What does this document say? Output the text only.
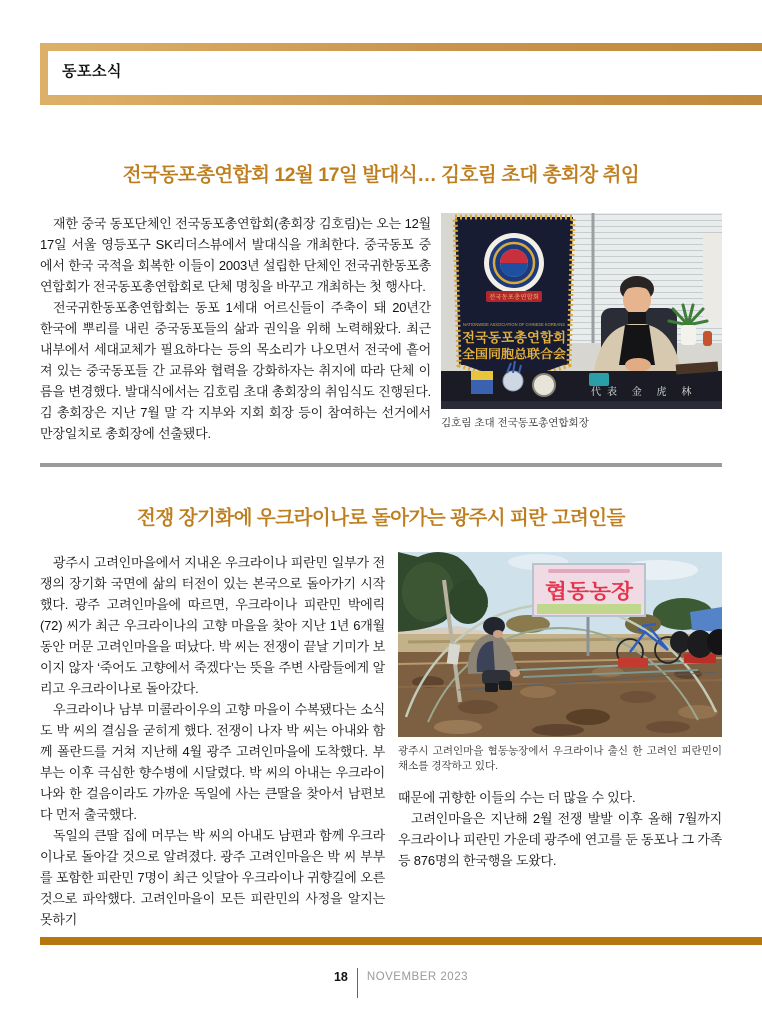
동포소식
전국동포총연합회 12월 17일 발대식… 김호림 초대 총회장 취임

재한 중국 동포단체인 전국동포총연합회(총회장 김호림)는 오는 12월 17일 서울 영등포구 SK리더스뷰에서 발대식을 개최한다. 중국동포 중에서 한국 국적을 회복한 이들이 2003년 설립한 단체인 전국귀한동포총연합회가 전국동포총연합회로 단체 명칭을 바꾸고 개최하는 첫 행사다.

전국귀한동포총연합회는 동포 1세대 어르신들이 주축이 돼 20년간 한국에 뿌리를 내린 중국동포들의 삶과 권익을 위해 노력해왔다. 최근 내부에서 세대교체가 필요하다는 등의 목소리가 나오면서 전국에 흩어져 있는 중국동포들 간 교류와 협력을 강화하자는 취지에 따라 단체 이름을 변경했다. 발대식에서는 김호림 초대 총회장의 취임식도 진행된다. 김 총회장은 지난 7월 말 각 지부와 지회 회장 등이 참여하는 선거에서 만장일치로 총회장에 선출됐다.

전국동포총연합회
NATIONWIDE ASSOCIATION OF CHINESE KOREANS
전국동포총연합회
全国同胞总联合会
代表 金 虎 林
김호림 초대 전국동포총연합회장
전쟁 장기화에 우크라이나로 돌아가는 광주시 피란 고려인들

광주시 고려인마을에서 지내온 우크라이나 피란민 일부가 전쟁의 장기화 국면에 삶의 터전이 있는 본국으로 돌아가기 시작했다. 광주 고려인마을에 따르면, 우크라이나 피란민 박에릭(72) 씨가 최근 우크라이나의 고향 마을을 찾아 지난 1년 6개월 동안 머문 고려인마을을 떠났다. 박 씨는 전쟁이 끝날 기미가 보이지 않자 ‘죽어도 고향에서 죽겠다’는 뜻을 주변 사람들에게 알리고 우크라이나로 돌아갔다.

우크라이나 남부 미콜라이우의 고향 마을이 수복됐다는 소식도 박 씨의 결심을 굳히게 했다. 전쟁이 나자 박 씨는 아내와 함께 폴란드를 거쳐 지난해 4월 광주 고려인마을에 도착했다. 부부는 이후 극심한 향수병에 시달렸다. 박 씨의 아내는 우크라이나와 한 걸음이라도 가까운 독일에 사는 큰딸을 찾아서 남편보다 먼저 출국했다.

독일의 큰딸 집에 머무는 박 씨의 아내도 남편과 함께 우크라이나로 돌아갈 것으로 알려졌다. 광주 고려인마을은 박 씨 부부를 포함한 피란민 7명이 최근 잇달아 우크라이나 귀향길에 오른 것으로 파악했다. 고려인마을이 모든 피란민의 사정을 알지는 못하기

협동농장
광주시 고려인마을 협동농장에서 우크라이나 출신 한 고려인 피란민이 채소를 경작하고 있다.

때문에 귀향한 이들의 수는 더 많을 수 있다.

고려인마을은 지난해 2월 전쟁 발발 이후 올해 7월까지 우크라이나 피란민 가운데 광주에 연고를 둔 동포나 그 가족 등 876명의 한국행을 도왔다.

18 NOVEMBER 2023
